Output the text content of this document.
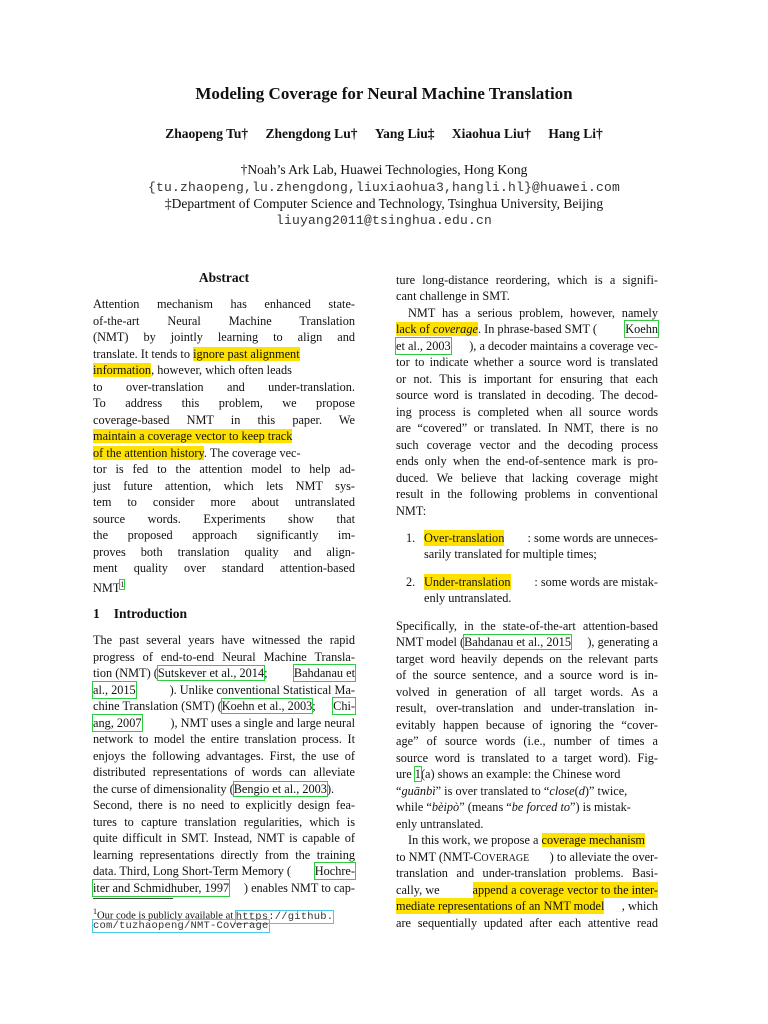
Modeling Coverage for Neural Machine Translation
Zhaopeng Tu† Zhengdong Lu† Yang Liu‡ Xiaohua Liu† Hang Li†
†Noah’s Ark Lab, Huawei Technologies, Hong Kong
{tu.zhaopeng,lu.zhengdong,liuxiaohua3,hangli.hl}@huawei.com
‡Department of Computer Science and Technology, Tsinghua University, Beijing
liuyang2011@tsinghua.edu.cn
Abstract
Attention mechanism has enhanced state-
of-the-art Neural Machine Translation
(NMT) by jointly learning to align and
translate. It tends to ignore past alignment
information, however, which often leads
to over-translation and under-translation.
To address this problem, we propose
coverage-based NMT in this paper. We
maintain a coverage vector to keep track
of the attention history. The coverage vec-
tor is fed to the attention model to help ad-
just future attention, which lets NMT sys-
tem to consider more about untranslated
source words. Experiments show that
the proposed approach significantly im-
proves both translation quality and align-
ment quality over standard attention-based
NMT$^1$
1 Introduction
The past several years have witnessed the rapid
progress of end-to-end Neural Machine Transla-
tion (NMT) (Sutskever et al., 2014; Bahdanau et
al., 2015	). Unlike conventional Statistical Ma-
chine Translation (SMT) (Koehn et al., 2003; Chi-
ang, 2007 ), NMT uses a single and large neural
network to model the entire translation process. It
enjoys the following advantages. First, the use of
distributed representations of words can alleviate
the curse of dimensionality (Bengio et al., 2003).
Second, there is no need to explicitly design fea-
tures to capture translation regularities, which is
quite difficult in SMT. Instead, NMT is capable of
learning representations directly from the training
data. Third, Long Short-Term Memory ( Hochre-
iter and Schmidhuber, 1997 ) enables NMT to cap-
$^1$Our code is publicly available at https://github.
com/tuzhaopeng/NMT-Coverage
ture long-distance reordering, which is a signifi-
cant challenge in SMT.
NMT has a serious problem, however, namely
lack of coverage. In phrase-based SMT ( Koehn
et al., 2003 ), a decoder maintains a coverage vec-
tor to indicate whether a source word is translated
or not. This is important for ensuring that each
source word is translated in decoding. The decod-
ing process is completed when all source words
are “covered” or translated. In NMT, there is no
such coverage vector and the decoding process
ends only when the end-of-sentence mark is pro-
duced. We believe that lacking coverage might
result in the following problems in conventional
NMT:
1. Over-translation : some words are unneces-
sarily translated for multiple times;
2. Under-translation : some words are mistak-
enly untranslated.
Specifically, in the state-of-the-art attention-based
NMT model (Bahdanau et al., 2015 ), generating a
target word heavily depends on the relevant parts
of the source sentence, and a source word is in-
volved in generation of all target words. As a
result, over-translation and under-translation in-
evitably happen because of ignoring the “cover-
age” of source words (i.e., number of times a
source word is translated to a target word). Fig-
ure 1(a) shows an example: the Chinese word
“guānbì” is over translated to “close(d)” twice,
while “bèipò” (means “be forced to”) is mistak-
enly untranslated.
In this work, we propose a coverage mechanism
to NMT (NMT-COVERAGE ) to alleviate the over-
translation and under-translation problems. Basi-
cally, we	append a coverage vector to the inter-
mediate representations of an NMT model , which
are sequentially updated after each attentive read
